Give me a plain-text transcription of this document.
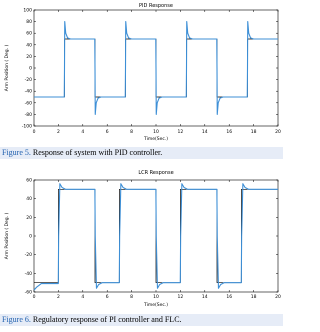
PID Response
0	2	4	6	8	10	12	14	16	18	20
100
80
60
40
20
0
-20
-40
-60
-80
-100
Time(Sec.)
Arm Position ( Deg. )
Figure 5. Response of system with PID controller.
LCR Response
0	2	4	6	8	10	12	14	16	18	20
60
40
20
0
-20
-40
-60
Time(Sec.)
Arm Position ( Deg. )
Figure 6. Regulatory response of PI controller and FLC.
